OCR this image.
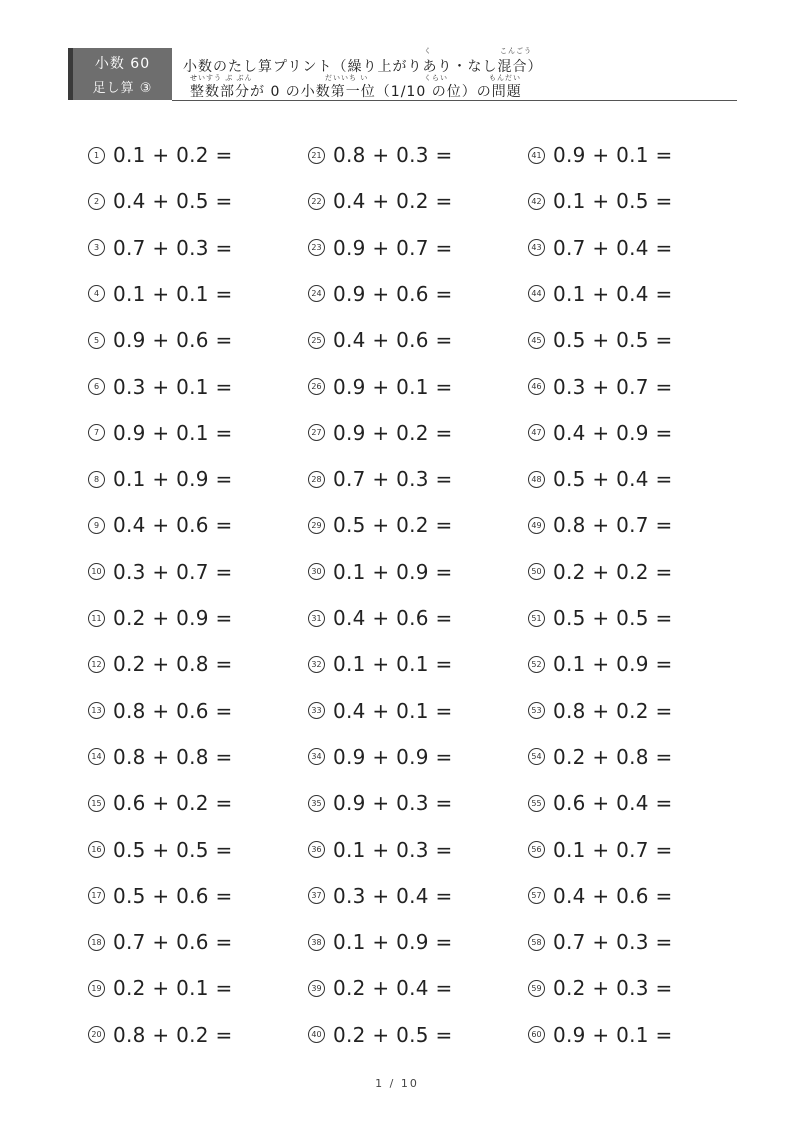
小数 60
足し算 ③
く	こんごう
小数のたし算プリント（繰り上がりあり・なし混合）
せいすう ぶ ぶん	だいいち い	くらい	もんだい
整数部分が 0 の小数第一位（1/10 の位）の問題
1 0.1 + 0.2 =
2 0.4 + 0.5 =
3 0.7 + 0.3 =
4 0.1 + 0.1 =
5 0.9 + 0.6 =
6 0.3 + 0.1 =
7 0.9 + 0.1 =
8 0.1 + 0.9 =
9 0.4 + 0.6 =
10 0.3 + 0.7 =
11 0.2 + 0.9 =
12 0.2 + 0.8 =
13 0.8 + 0.6 =
14 0.8 + 0.8 =
15 0.6 + 0.2 =
16 0.5 + 0.5 =
17 0.5 + 0.6 =
18 0.7 + 0.6 =
19 0.2 + 0.1 =
20 0.8 + 0.2 =
21 0.8 + 0.3 =
22 0.4 + 0.2 =
23 0.9 + 0.7 =
24 0.9 + 0.6 =
25 0.4 + 0.6 =
26 0.9 + 0.1 =
27 0.9 + 0.2 =
28 0.7 + 0.3 =
29 0.5 + 0.2 =
30 0.1 + 0.9 =
31 0.4 + 0.6 =
32 0.1 + 0.1 =
33 0.4 + 0.1 =
34 0.9 + 0.9 =
35 0.9 + 0.3 =
36 0.1 + 0.3 =
37 0.3 + 0.4 =
38 0.1 + 0.9 =
39 0.2 + 0.4 =
40 0.2 + 0.5 =
41 0.9 + 0.1 =
42 0.1 + 0.5 =
43 0.7 + 0.4 =
44 0.1 + 0.4 =
45 0.5 + 0.5 =
46 0.3 + 0.7 =
47 0.4 + 0.9 =
48 0.5 + 0.4 =
49 0.8 + 0.7 =
50 0.2 + 0.2 =
51 0.5 + 0.5 =
52 0.1 + 0.9 =
53 0.8 + 0.2 =
54 0.2 + 0.8 =
55 0.6 + 0.4 =
56 0.1 + 0.7 =
57 0.4 + 0.6 =
58 0.7 + 0.3 =
59 0.2 + 0.3 =
60 0.9 + 0.1 =
1 / 10
